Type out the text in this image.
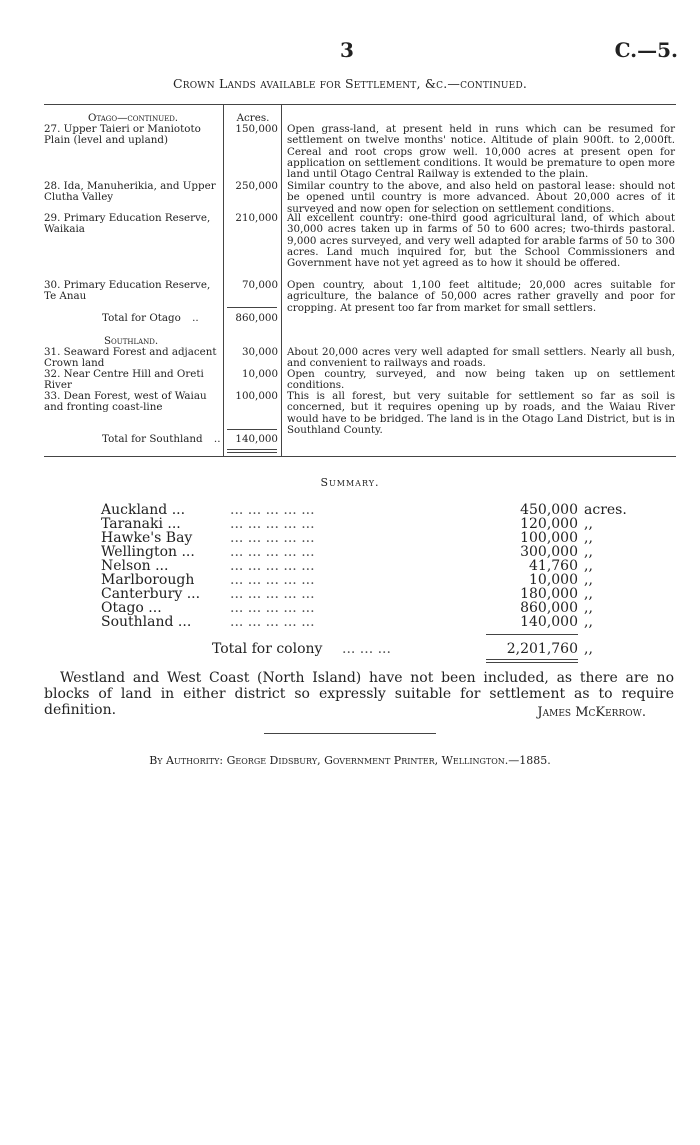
3	C.—5.
Crown Lands available for Settlement, &c.—continued.
Otago—continued.	Acres.
27. Upper Taieri or Maniototo Plain (level and upland)
150,000 Open grass-land, at present held in runs which can be resumed for settlement on twelve months' notice. Altitude of plain 900ft. to 2,000ft. Cereal and root crops grow well. 10,000 acres at present open for application on settlement conditions. It would be premature to open more land until Otago Central Railway is extended to the plain.
28. Ida, Manuherikia, and Upper Clutha Valley
250,000 Similar country to the above, and also held on pastoral lease: should not be opened until country is more advanced. About 20,000 acres of it surveyed and now open for selection on settlement conditions.
29. Primary Education Reserve, Waikaia
210,000 All excellent country: one-third good agricultural land, of which about 30,000 acres taken up in farms of 50 to 600 acres; two-thirds pastoral. 9,000 acres surveyed, and very well adapted for arable farms of 50 to 300 acres. Land much inquired for, but the School Commissioners and Government have not yet agreed as to how it should be offered.
30. Primary Education Reserve, Te Anau
70,000 Open country, about 1,100 feet altitude; 20,000 acres suitable for agriculture, the balance of 50,000 acres rather gravelly and poor for cropping. At present too far from market for small settlers.
Total for Otago ..	860,000
Southland.
31. Seaward Forest and adjacent Crown land
30,000 About 20,000 acres very well adapted for small settlers. Nearly all bush, and convenient to railways and roads.
32. Near Centre Hill and Oreti River
10,000 Open country, surveyed, and now being taken up on settlement conditions.
33. Dean Forest, west of Waiau and fronting coast-line
100,000 This is all forest, but very suitable for settlement so far as soil is concerned, but it requires opening up by roads, and the Waiau River would have to be bridged. The land is in the Otago Land District, but is in Southland County.
Total for Southland ..	140,000
Summary.
Auckland ...	... ... ... ... ...	450,000 acres.
Taranaki ...	... ... ... ... ...	120,000 ,,
Hawke's Bay	... ... ... ... ...	100,000 ,,
Wellington ...	... ... ... ... ...	300,000 ,,
Nelson ...	... ... ... ... ...	41,760 ,,
Marlborough	... ... ... ... ...	10,000 ,,
Canterbury ... ... ... ... ... ...	180,000 ,,
Otago ...	... ... ... ... ...	860,000 ,,
Southland ...	... ... ... ... ...	140,000 ,,
Total for colony ... ... ...	2,201,760 ,,
Westland and West Coast (North Island) have not been included, as there are no blocks of land in either district so expressly suitable for settlement as to require definition.	James McKerrow.
By Authority: George Didsbury, Government Printer, Wellington.—1885.
